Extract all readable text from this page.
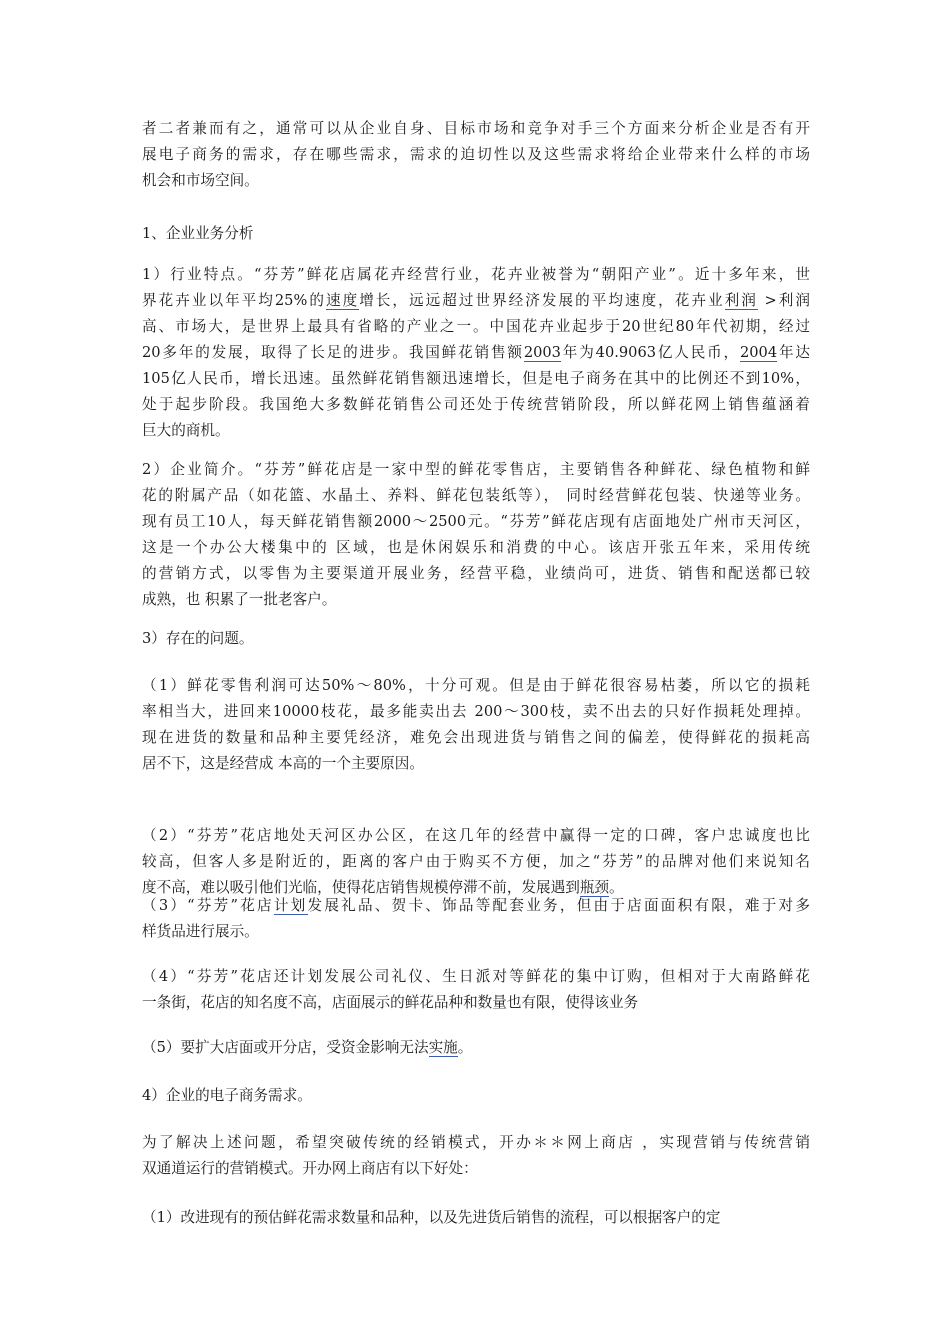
者二者兼而有之，通常可以从企业自身、目标市场和竞争对手三个方面来分析企业是否有开
展电子商务的需求，存在哪些需求，需求的迫切性以及这些需求将给企业带来什么样的市场
机会和市场空间。
1、企业业务分析
1）行业特点。“芬芳”鲜花店属花卉经营行业，花卉业被誉为“朝阳产业”。近十多年来，世
界花卉业以年平均25%的速度增长，远远超过世界经济发展的平均速度，花卉业利润 >利润
高、市场大，是世界上最具有省略的产业之一。中国花卉业起步于20世纪80年代初期，经过
20多年的发展，取得了长足的进步。我国鲜花销售额2003年为40.9063亿人民币，2004年达
105亿人民币，增长迅速。虽然鲜花销售额迅速增长，但是电子商务在其中的比例还不到10%，
处于起步阶段。我国绝大多数鲜花销售公司还处于传统营销阶段，所以鲜花网上销售蕴涵着
巨大的商机。
2）企业简介。“芬芳”鲜花店是一家中型的鲜花零售店，主要销售各种鲜花、绿色植物和鲜
花的附属产品（如花篮、水晶土、养料、鲜花包装纸等）， 同时经营鲜花包装、快递等业务。
现有员工10人，每天鲜花销售额2000～2500元。“芬芳”鲜花店现有店面地处广州市天河区，
这是一个办公大楼集中的 区域，也是休闲娱乐和消费的中心。该店开张五年来，采用传统
的营销方式，以零售为主要渠道开展业务，经营平稳，业绩尚可，进货、销售和配送都已较
成熟，也 积累了一批老客户。
3）存在的问题。
（1）鲜花零售利润可达50%～80%，十分可观。但是由于鲜花很容易枯萎，所以它的损耗
率相当大，进回来10000枝花，最多能卖出去 200～300枝，卖不出去的只好作损耗处理掉。
现在进货的数量和品种主要凭经济，难免会出现进货与销售之间的偏差，使得鲜花的损耗高
居不下，这是经营成 本高的一个主要原因。
（2）“芬芳”花店地处天河区办公区，在这几年的经营中赢得一定的口碑，客户忠诚度也比
较高，但客人多是附近的，距离的客户由于购买不方便，加之“芬芳”的品牌对他们来说知名
度不高，难以吸引他们光临，使得花店销售规模停滞不前，发展遇到瓶颈。
（3）“芬芳”花店计划发展礼品、贺卡、饰品等配套业务，但由于店面面积有限，难于对多
样货品进行展示。
（4）“芬芳”花店还计划发展公司礼仪、生日派对等鲜花的集中订购，但相对于大南路鲜花
一条街，花店的知名度不高，店面展示的鲜花品种和数量也有限，使得该业务
（5）要扩大店面或开分店，受资金影响无法实施。
4）企业的电子商务需求。
为了解决上述问题，希望突破传统的经销模式，开办＊＊网上商店 ，实现营销与传统营销
双通道运行的营销模式。开办网上商店有以下好处：
（1）改进现有的预估鲜花需求数量和品种，以及先进货后销售的流程，可以根据客户的定
